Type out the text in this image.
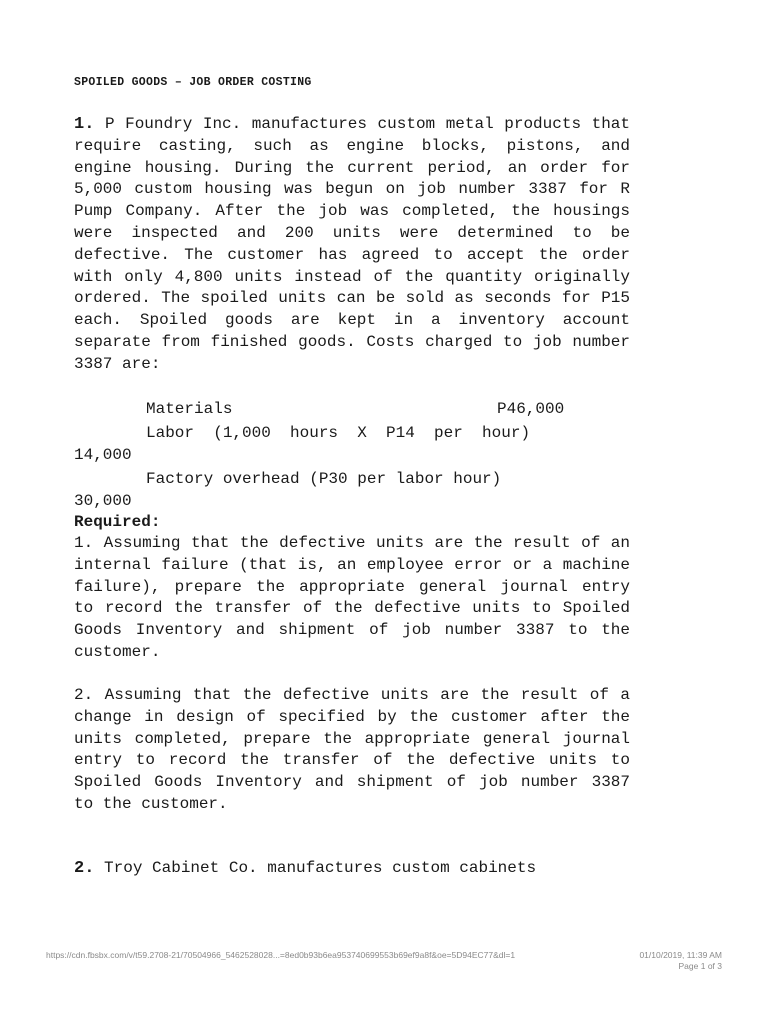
SPOILED GOODS – JOB ORDER COSTING
1. P Foundry Inc. manufactures custom metal products that require casting, such as engine blocks, pistons, and engine housing. During the current period, an order for 5,000 custom housing was begun on job number 3387 for R Pump Company. After the job was completed, the housings were inspected and 200 units were determined to be defective. The customer has agreed to accept the order with only 4,800 units instead of the quantity originally ordered. The spoiled units can be sold as seconds for P15 each. Spoiled goods are kept in a inventory account separate from finished goods. Costs charged to job number 3387 are:
Materials	P46,000
Labor  (1,000  hours  X  P14  per  hour)
14,000
Factory overhead (P30 per labor hour)
30,000
Required:
1. Assuming that the defective units are the result of an internal failure (that is, an employee error or a machine failure), prepare the appropriate general journal entry to record the transfer of the defective units to Spoiled Goods Inventory and shipment of job number 3387 to the customer.
2. Assuming that the defective units are the result of a change in design of specified by the customer after the units completed, prepare the appropriate general journal entry to record the transfer of the defective units to Spoiled Goods Inventory and shipment of job number 3387 to the customer.
2. Troy Cabinet Co. manufactures custom cabinets
https://cdn.fbsbx.com/v/t59.2708-21/70504966_5462528028...=8ed0b93b6ea953740699553b69ef9a8f&oe=5D94EC77&dl=1	01/10/2019, 11:39 AM
Page 1 of 3
